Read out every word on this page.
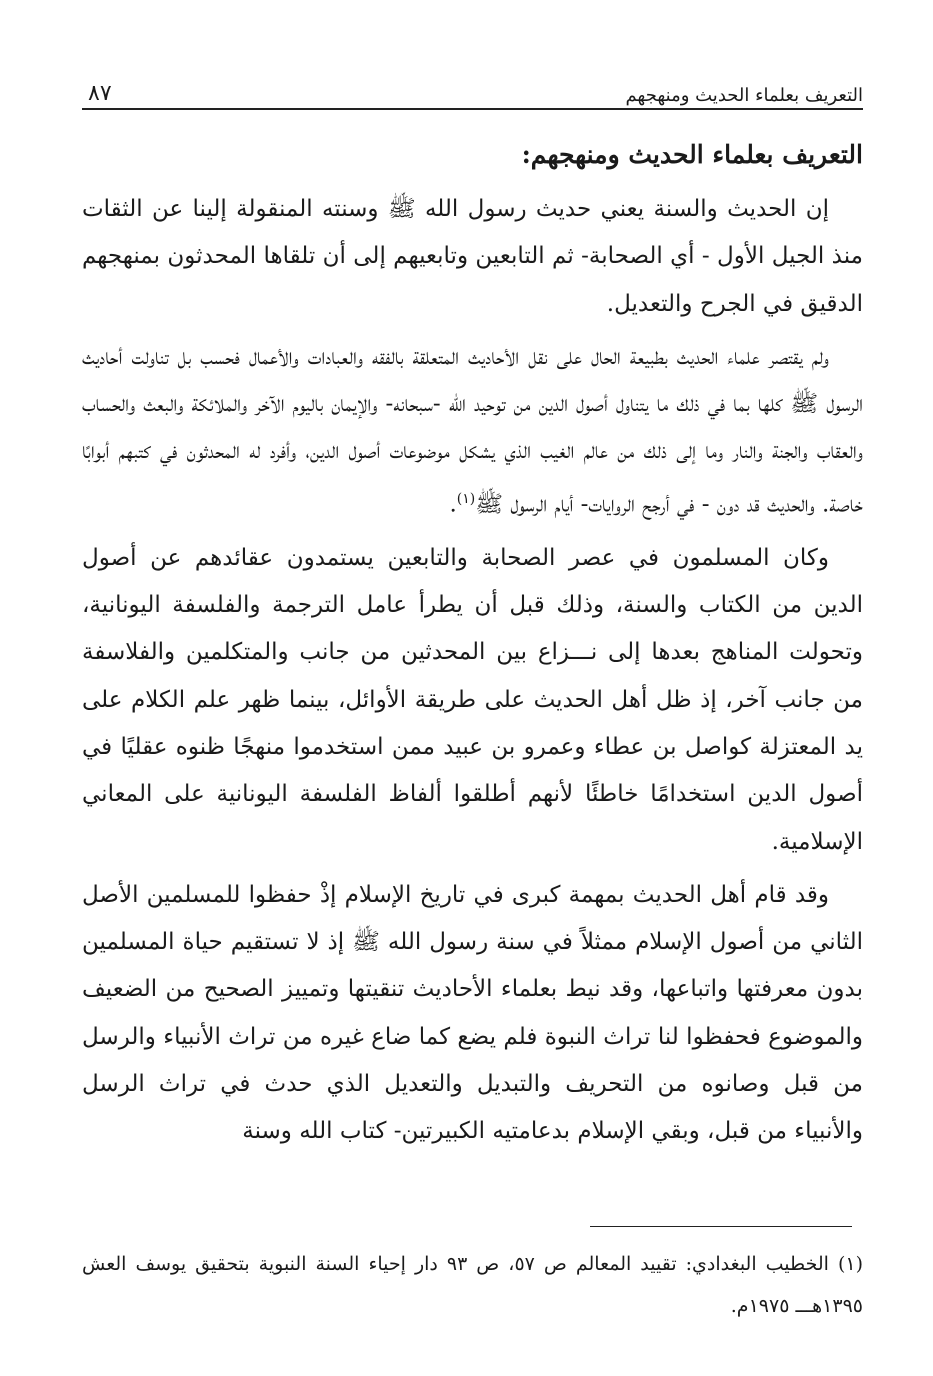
التعريف بعلماء الحديث ومنهجهم
٨٧
التعريف بعلماء الحديث ومنهجهم:

إن الحديث والسنة يعني حديث رسول الله ﷺ وسنته المنقولة إلينا عن الثقات منذ الجيل الأول - أي الصحابة- ثم التابعين وتابعيهم إلى أن تلقاها المحدثون بمنهجهم الدقيق في الجرح والتعديل.

ولم يقتصر علماء الحديث بطبيعة الحال على نقل الأحاديث المتعلقة بالفقه والعبادات والأعمال فحسب بل تناولت أحاديث الرسول ﷺ كلها بما في ذلك ما يتناول أصول الدين من توحيد الله -سبحانه- والإيمان باليوم الآخر والملائكة والبعث والحساب والعقاب والجنة والنار وما إلى ذلك من عالم الغيب الذي يشكل موضوعات أصول الدين، وأفرد له المحدثون في كتبهم أبوابًا خاصة. والحديث قد دون - في أرجح الروايات- أيام الرسول ﷺ$^{(١)}$.

وكان المسلمون في عصر الصحابة والتابعين يستمدون عقائدهم عن أصول الدين من الكتاب والسنة، وذلك قبل أن يطرأ عامل الترجمة والفلسفة اليونانية، وتحولت المناهج بعدها إلى نـــزاع بين المحدثين من جانب والمتكلمين والفلاسفة من جانب آخر، إذ ظل أهل الحديث على طريقة الأوائل، بينما ظهر علم الكلام على يد المعتزلة كواصل بن عطاء وعمرو بن عبيد ممن استخدموا منهجًا ظنوه عقليًا في أصول الدين استخدامًا خاطئًا لأنهم أطلقوا ألفاظ الفلسفة اليونانية على المعاني الإسلامية.

وقد قام أهل الحديث بمهمة كبرى في تاريخ الإسلام إذْ حفظوا للمسلمين الأصل الثاني من أصول الإسلام ممثلاً في سنة رسول الله ﷺ إذ لا تستقيم حياة المسلمين بدون معرفتها واتباعها، وقد نيط بعلماء الأحاديث تنقيتها وتمييز الصحيح من الضعيف والموضوع فحفظوا لنا تراث النبوة فلم يضع كما ضاع غيره من تراث الأنبياء والرسل من قبل وصانوه من التحريف والتبديل والتعديل الذي حدث في تراث الرسل والأنبياء من قبل، وبقي الإسلام بدعامتيه الكبيرتين- كتاب الله وسنة

(١) الخطيب البغدادي: تقييد المعالم ص ٥٧، ص ٩٣ دار إحياء السنة النبوية بتحقيق يوسف العش ١٣٩٥هـــ ١٩٧٥م.
